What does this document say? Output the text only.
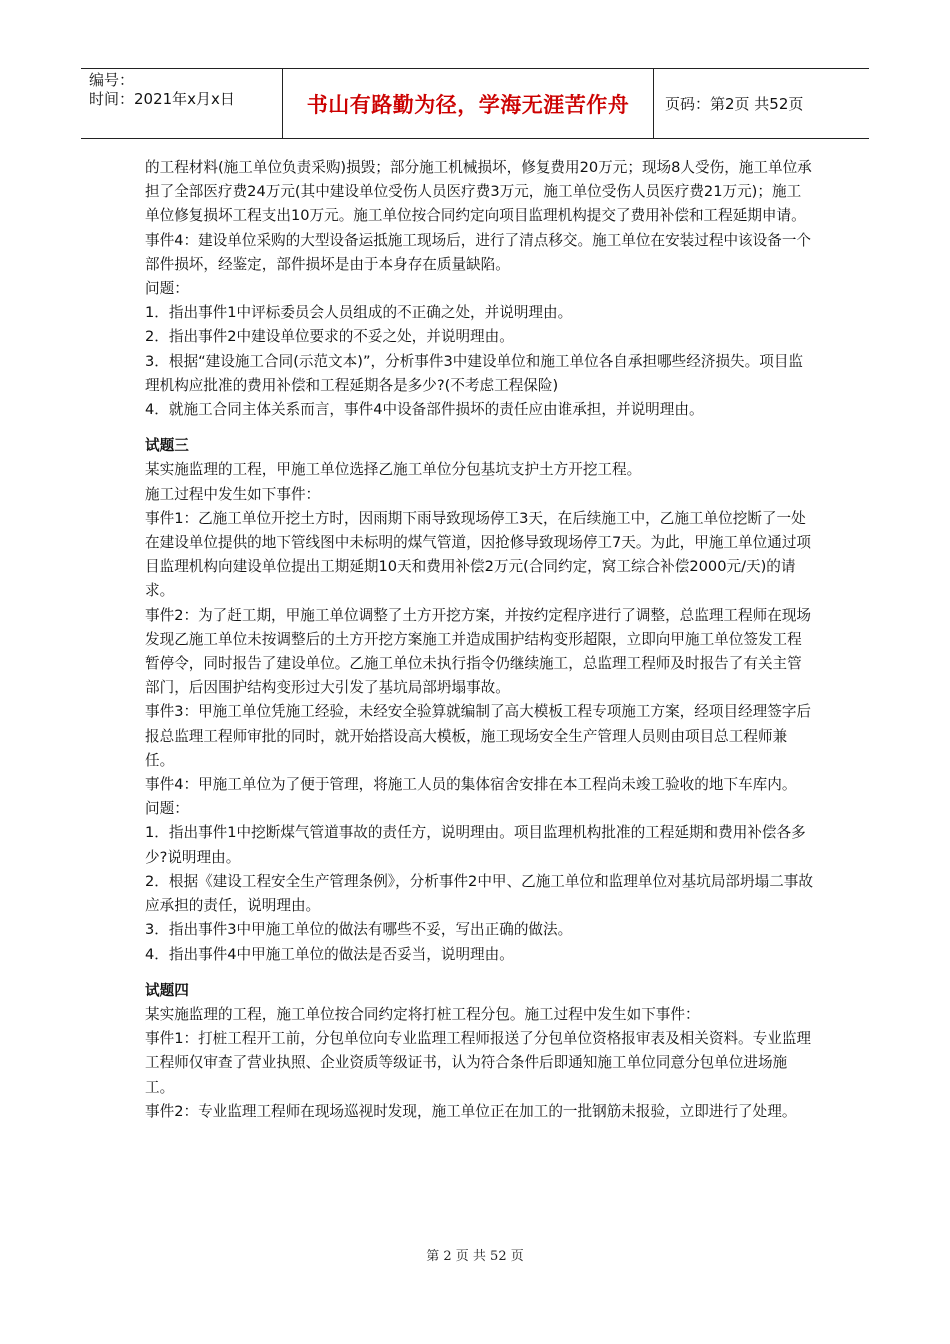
编号：
时间：2021年x月x日	书山有路勤为径，学海无涯苦作舟	页码：第2页 共52页

的工程材料(施工单位负责采购)损毁；部分施工机械损坏，修复费用20万元；现场8人受伤，施工单位承担了全部医疗费24万元(其中建设单位受伤人员医疗费3万元，施工单位受伤人员医疗费21万元)；施工单位修复损坏工程支出10万元。施工单位按合同约定向项目监理机构提交了费用补偿和工程延期申请。

事件4：建设单位采购的大型设备运抵施工现场后，进行了清点移交。施工单位在安装过程中该设备一个部件损坏，经鉴定，部件损坏是由于本身存在质量缺陷。

问题：

1．指出事件1中评标委员会人员组成的不正确之处，并说明理由。

2．指出事件2中建设单位要求的不妥之处，并说明理由。

3．根据“建设施工合同(示范文本)”，分析事件3中建设单位和施工单位各自承担哪些经济损失。项目监理机构应批准的费用补偿和工程延期各是多少?(不考虑工程保险)

4．就施工合同主体关系而言，事件4中设备部件损坏的责任应由谁承担，并说明理由。

试题三

某实施监理的工程，甲施工单位选择乙施工单位分包基坑支护土方开挖工程。

施工过程中发生如下事件：

事件1：乙施工单位开挖土方时，因雨期下雨导致现场停工3天，在后续施工中，乙施工单位挖断了一处在建设单位提供的地下管线图中未标明的煤气管道，因抢修导致现场停工7天。为此，甲施工单位通过项目监理机构向建设单位提出工期延期10天和费用补偿2万元(合同约定，窝工综合补偿2000元/天)的请求。

事件2：为了赶工期，甲施工单位调整了土方开挖方案，并按约定程序进行了调整，总监理工程师在现场发现乙施工单位未按调整后的土方开挖方案施工并造成围护结构变形超限，立即向甲施工单位签发工程暂停令，同时报告了建设单位。乙施工单位未执行指令仍继续施工，总监理工程师及时报告了有关主管部门，后因围护结构变形过大引发了基坑局部坍塌事故。

事件3：甲施工单位凭施工经验，未经安全验算就编制了高大模板工程专项施工方案，经项目经理签字后报总监理工程师审批的同时，就开始搭设高大模板，施工现场安全生产管理人员则由项目总工程师兼任。

事件4：甲施工单位为了便于管理，将施工人员的集体宿舍安排在本工程尚未竣工验收的地下车库内。

问题：

1．指出事件1中挖断煤气管道事故的责任方，说明理由。项目监理机构批准的工程延期和费用补偿各多少?说明理由。

2．根据《建设工程安全生产管理条例》，分析事件2中甲、乙施工单位和监理单位对基坑局部坍塌二事故应承担的责任，说明理由。

3．指出事件3中甲施工单位的做法有哪些不妥，写出正确的做法。

4．指出事件4中甲施工单位的做法是否妥当，说明理由。

试题四

某实施监理的工程，施工单位按合同约定将打桩工程分包。施工过程中发生如下事件：

事件1：打桩工程开工前，分包单位向专业监理工程师报送了分包单位资格报审表及相关资料。专业监理工程师仅审查了营业执照、企业资质等级证书，认为符合条件后即通知施工单位同意分包单位进场施工。

事件2：专业监理工程师在现场巡视时发现，施工单位正在加工的一批钢筋未报验，立即进行了处理。

第 2 页 共 52 页
